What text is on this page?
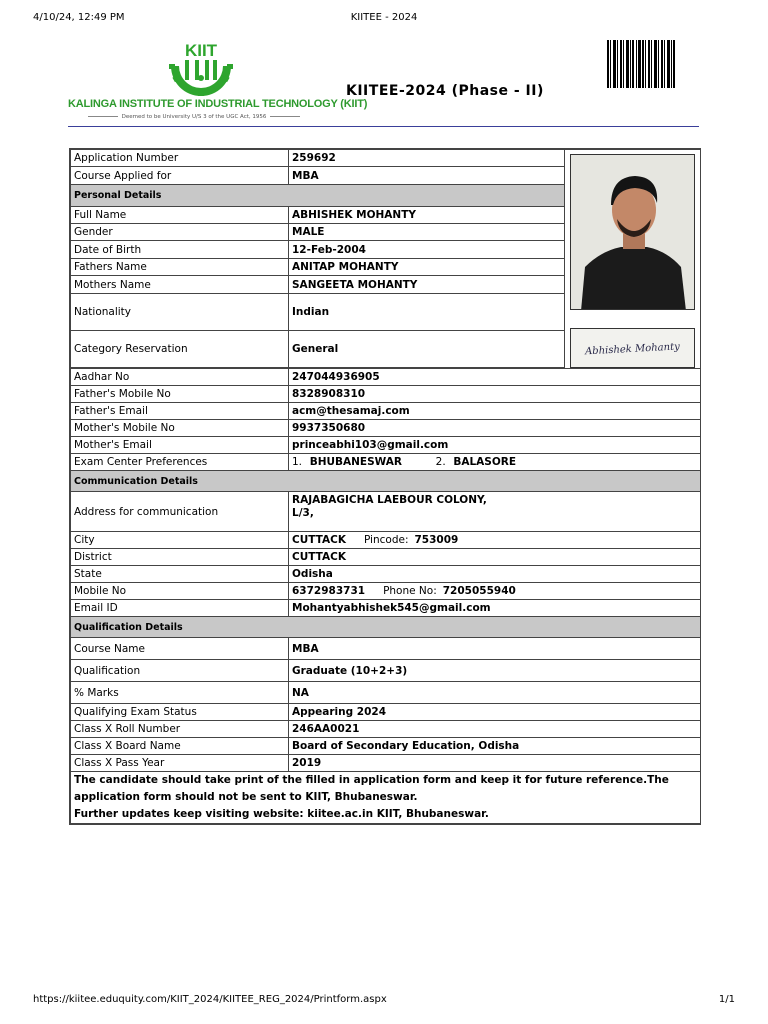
4/10/24, 12:49 PM	KIITEE - 2024
KIIT
KALINGA INSTITUTE OF INDUSTRIAL TECHNOLOGY (KIIT)
Deemed to be University U/S 3 of the UGC Act, 1956
KIITEE-2024 (Phase - II)
Application Number	259692	Abhishek Mohanty

Course Applied for	MBA	
Personal Details		
Full Name	ABHISHEK MOHANTY	
Gender	MALE	
Date of Birth	12-Feb-2004	
Fathers Name	ANITAP MOHANTY	
Mothers Name	SANGEETA MOHANTY	
Nationality	Indian	
Category Reservation	General	

Aadhar No	247044936905	
Father's Mobile No	8328908310	
Father's Email	acm@thesamaj.com	
Mother's Mobile No	9937350680	
Mother's Email	princeabhi103@gmail.com	
Exam Center Preferences	1. BHUBANESWAR 2. BALASORE	
Communication Details		
Address for communication	RAJABAGICHA LAEBOUR COLONY,
L/3,	

City	CUTTACK Pincode: 753009	
District	CUTTACK	
State	Odisha	
Mobile No	6372983731 Phone No: 7205055940	
Email ID	Mohantyabhishek545@gmail.com	
Qualification Details		
Course Name	MBA	
Qualification	Graduate (10+2+3)	
% Marks	NA	
Qualifying Exam Status	Appearing 2024	
Class X Roll Number	246AA0021	
Class X Board Name	Board of Secondary Education, Odisha	
Class X Pass Year	2019	

The candidate should take print of the filled in application form and keep it for future reference.The application form should not be sent to KIIT, Bhubaneswar.
Further updates keep visiting website: kiitee.ac.in KIIT, Bhubaneswar.		
https://kiitee.eduquity.com/KIIT_2024/KIITEE_REG_2024/Printform.aspx	1/1
